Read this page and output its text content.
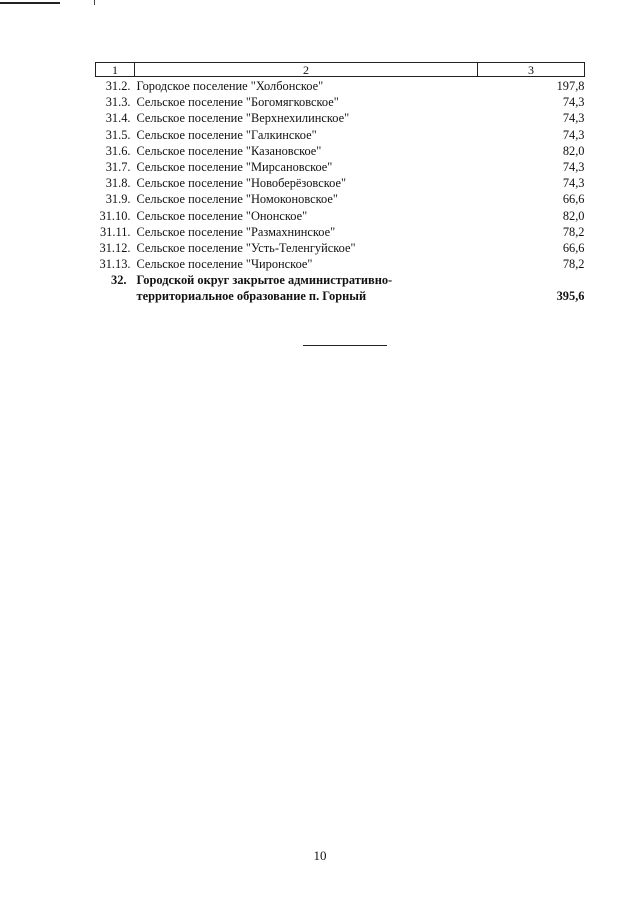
1	2	3
31.2.	Городское поселение "Холбонское"	197,8
31.3.	Сельское поселение "Богомягковское"	74,3
31.4.	Сельское поселение "Верхнехилинское"	74,3
31.5.	Сельское поселение "Галкинское"	74,3
31.6.	Сельское поселение "Казановское"	82,0
31.7.	Сельское поселение "Мирсановское"	74,3
31.8.	Сельское поселение "Новоберёзовское"	74,3
31.9.	Сельское поселение "Номоконовское"	66,6
31.10.	Сельское поселение "Ононское"	82,0
31.11.	Сельское поселение "Размахнинское"	78,2
31.12.	Сельское поселение "Усть-Теленгуйское"	66,6
31.13.	Сельское поселение "Чиронское"	78,2
32.	Городской округ закрытое административно-
территориальное образование п. Горный	395,6
10
